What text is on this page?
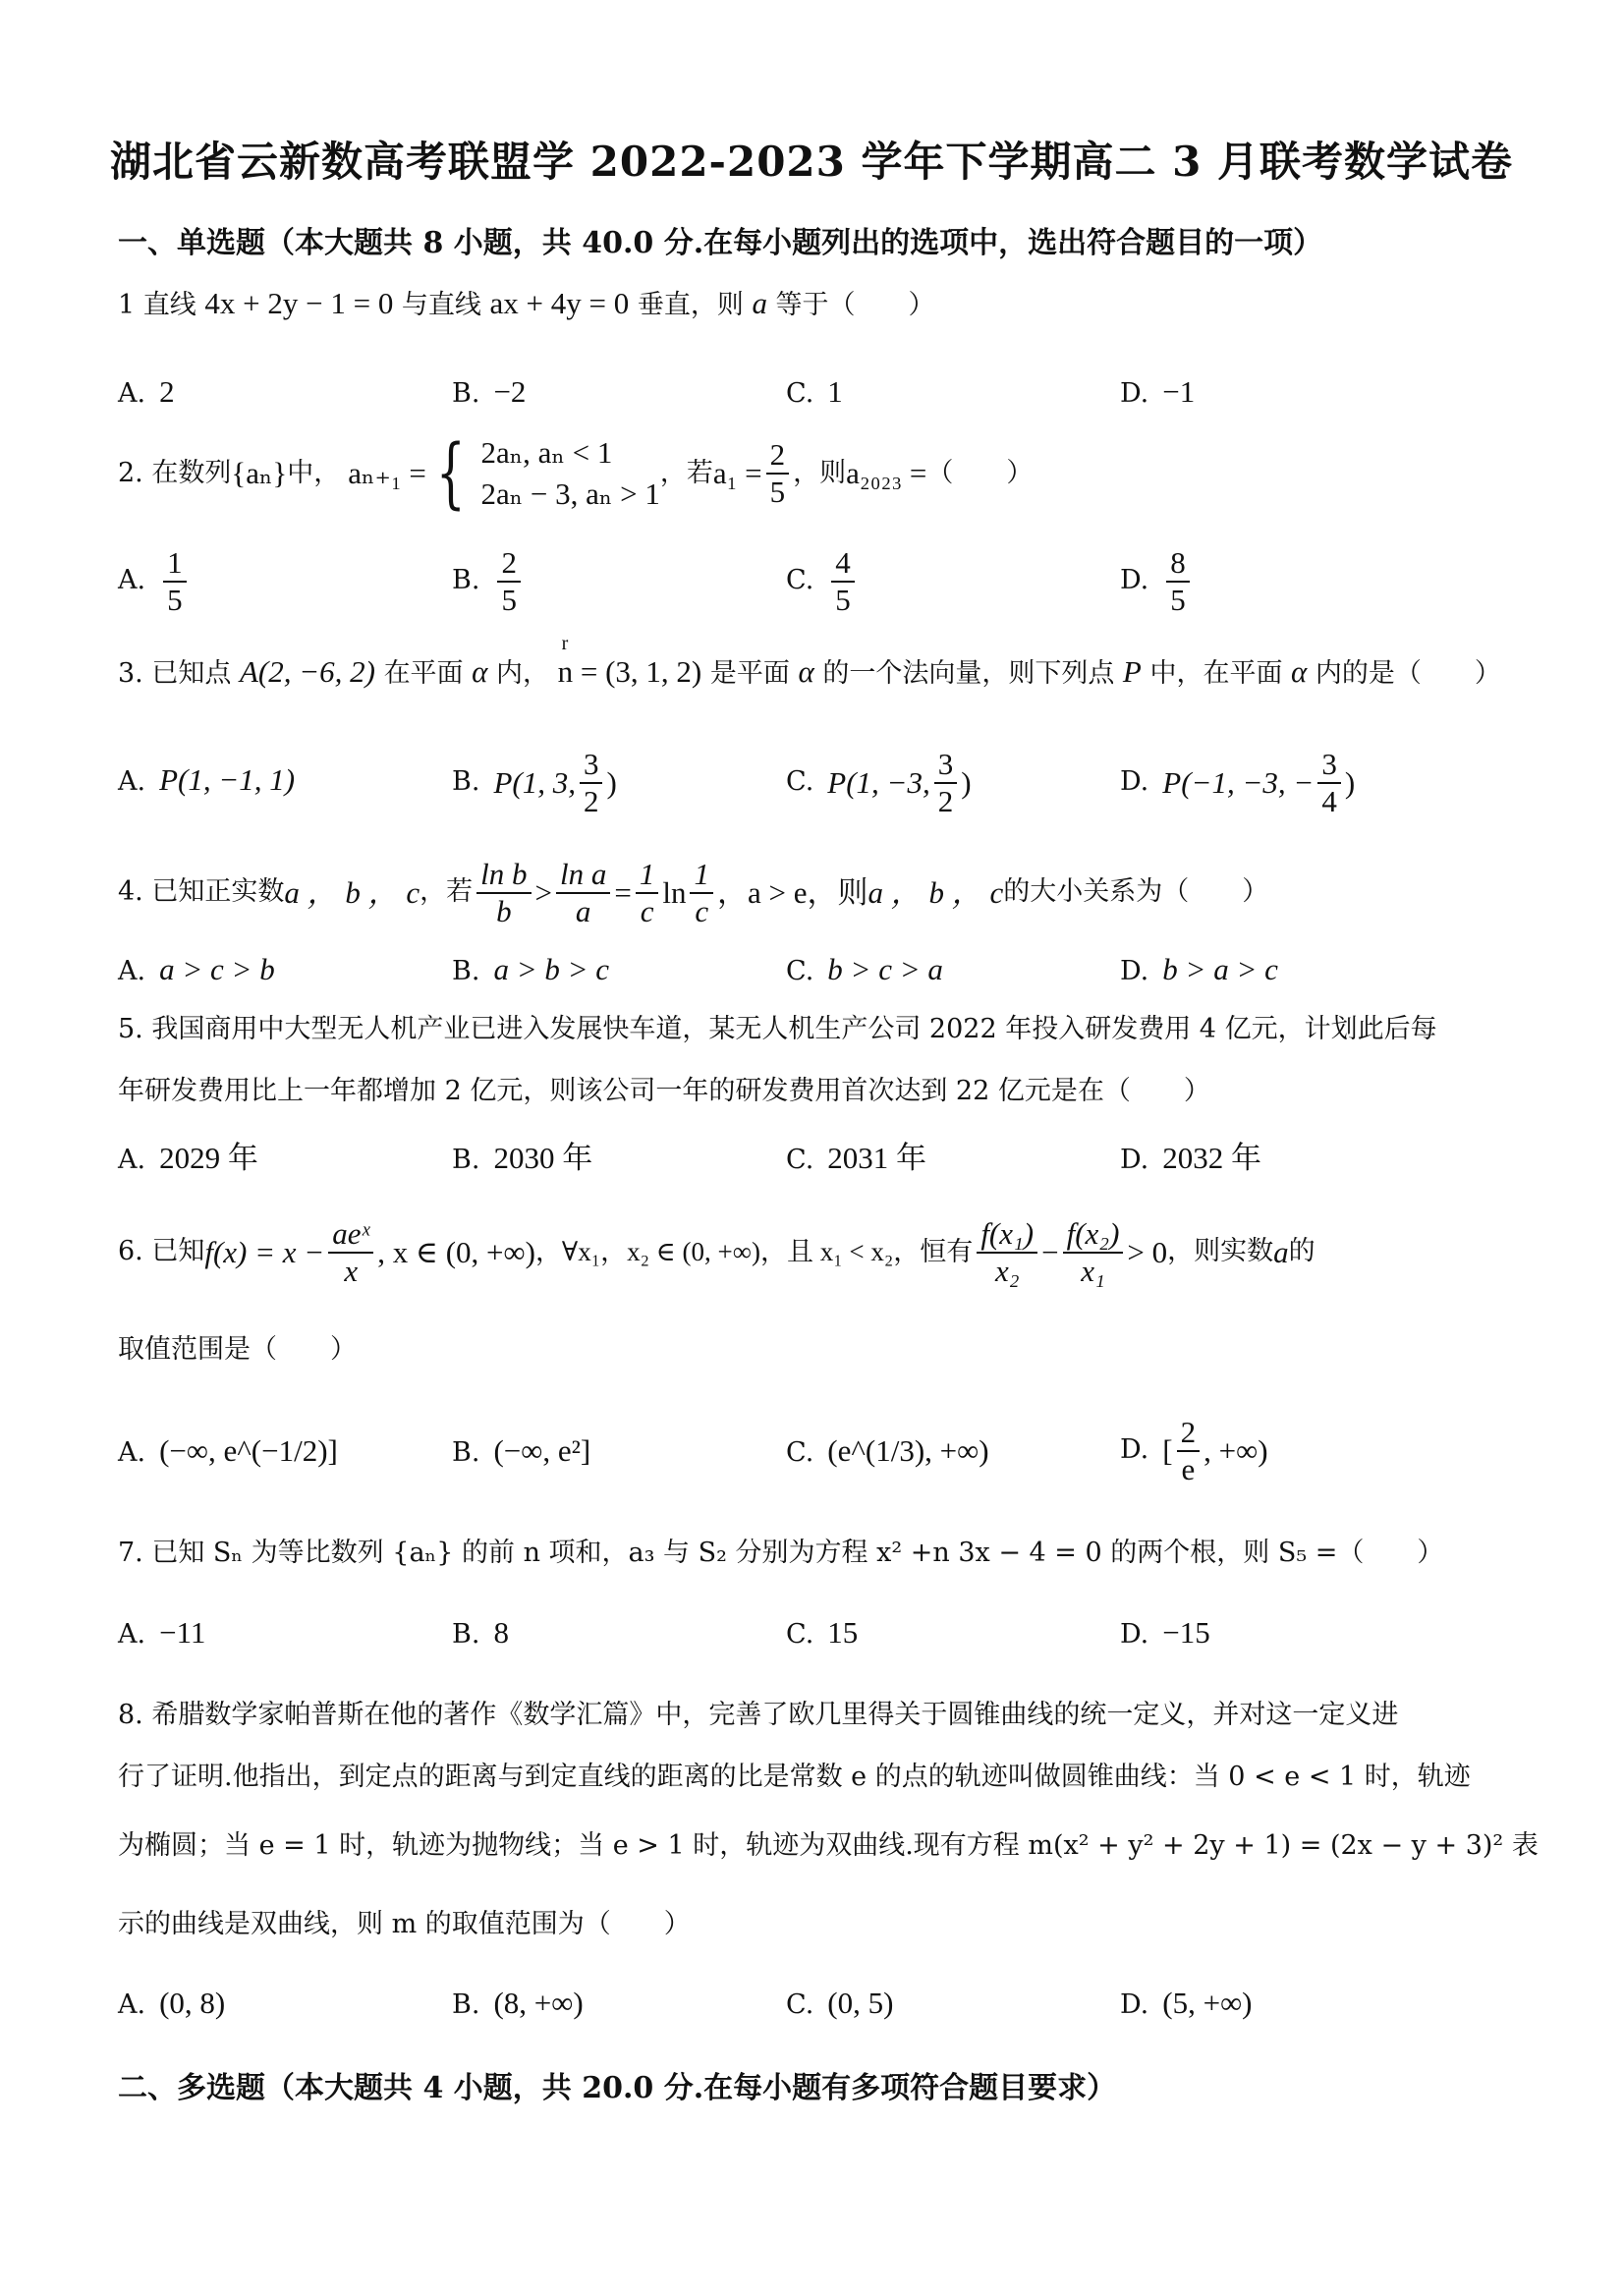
湖北省云新数高考联盟学 2022-2023 学年下学期高二 3 月联考数学试卷
一、单选题（本大题共 8 小题，共 40.0 分.在每小题列出的选项中，选出符合题目的一项）
1 直线 4x + 2y − 1 = 0 与直线 ax + 4y = 0 垂直，则 a 等于（　　）
A. 2	B. −2	C. 1	D. −1
2.
在数列 {aₙ} 中， aₙ₊₁ = { 2aₙ, aₙ < 1
2aₙ − 3, aₙ > 1
，若 $a_1 = \frac{2}{5}$ ，则 a₂₀₂₃ = （　　）
A. $\frac{1}{5}$	B. $\frac{2}{5}$	C. $\frac{4}{5}$	D. $\frac{8}{5}$
3. 已知点 A(2, −6, 2) 在平面 α 内，
r
n = (3, 1, 2) 是平面 α 的一个法向量，则下列点 P 中，在平面 α 内的是（　　）
A. P(1, −1, 1)	B. P(1, 3, $\frac{3}{2}$ )	C. P(1, −3, $\frac{3}{2}$ )	D. P(−1, −3, − $\frac{3}{4}$ )
4.
已知正实数 a ， b ， c ，若 $\frac{\text{ln b}}{b} > \frac{\text{ln a}}{a} = \frac{1}{c}$ $\ln \frac{1}{c}$ ，a > e，则 a ， b ， c 的大小关系为（　　）
A. a > c > b	B. a > b > c	C. b > c > a	D. b > a > c
5. 我国商用中大型无人机产业已进入发展快车道，某无人机生产公司 2022 年投入研发费用 4 亿元，计划此后每
年研发费用比上一年都增加 2 亿元，则该公司一年的研发费用首次达到 22 亿元是在（　　）
A. 2029 年	B. 2030 年	C. 2031 年	D. 2032 年
6.
已知 $f(x) = x - \frac{\text{aeˣ}}{x}$ , x ∈ (0, +∞) ，∀x₁，x₂ ∈ (0, +∞)，且 x₁ < x₂，恒有 $\frac{\text{f(x₁)}}{\text{x₂}} - \frac{\text{f(x₂)}}{\text{x₁}} > 0$ ，则实数 a 的
取值范围是（　　）
A. (−∞, e^(−1/2)]	B. (−∞, e²]	C. (e^(1/3), +∞)	D. [ $\frac{2}{e}$ , +∞)
7. 已知 Sₙ 为等比数列 {aₙ} 的前 n 项和，a₃ 与 S₂ 分别为方程 x² +n 3x − 4 = 0 的两个根，则 S₅ =（　　）
A. −11	B. 8	C. 15	D. −15
8. 希腊数学家帕普斯在他的著作《数学汇篇》中，完善了欧几里得关于圆锥曲线的统一定义，并对这一定义进
行了证明.他指出，到定点的距离与到定直线的距离的比是常数 e 的点的轨迹叫做圆锥曲线：当 0 < e < 1 时，轨迹
为椭圆；当 e = 1 时，轨迹为抛物线；当 e > 1 时，轨迹为双曲线.现有方程 m(x² + y² + 2y + 1) = (2x − y + 3)² 表
示的曲线是双曲线，则 m 的取值范围为（　　）
A. (0, 8)	B. (8, +∞)	C. (0, 5)	D. (5, +∞)
二、多选题（本大题共 4 小题，共 20.0 分.在每小题有多项符合题目要求）
